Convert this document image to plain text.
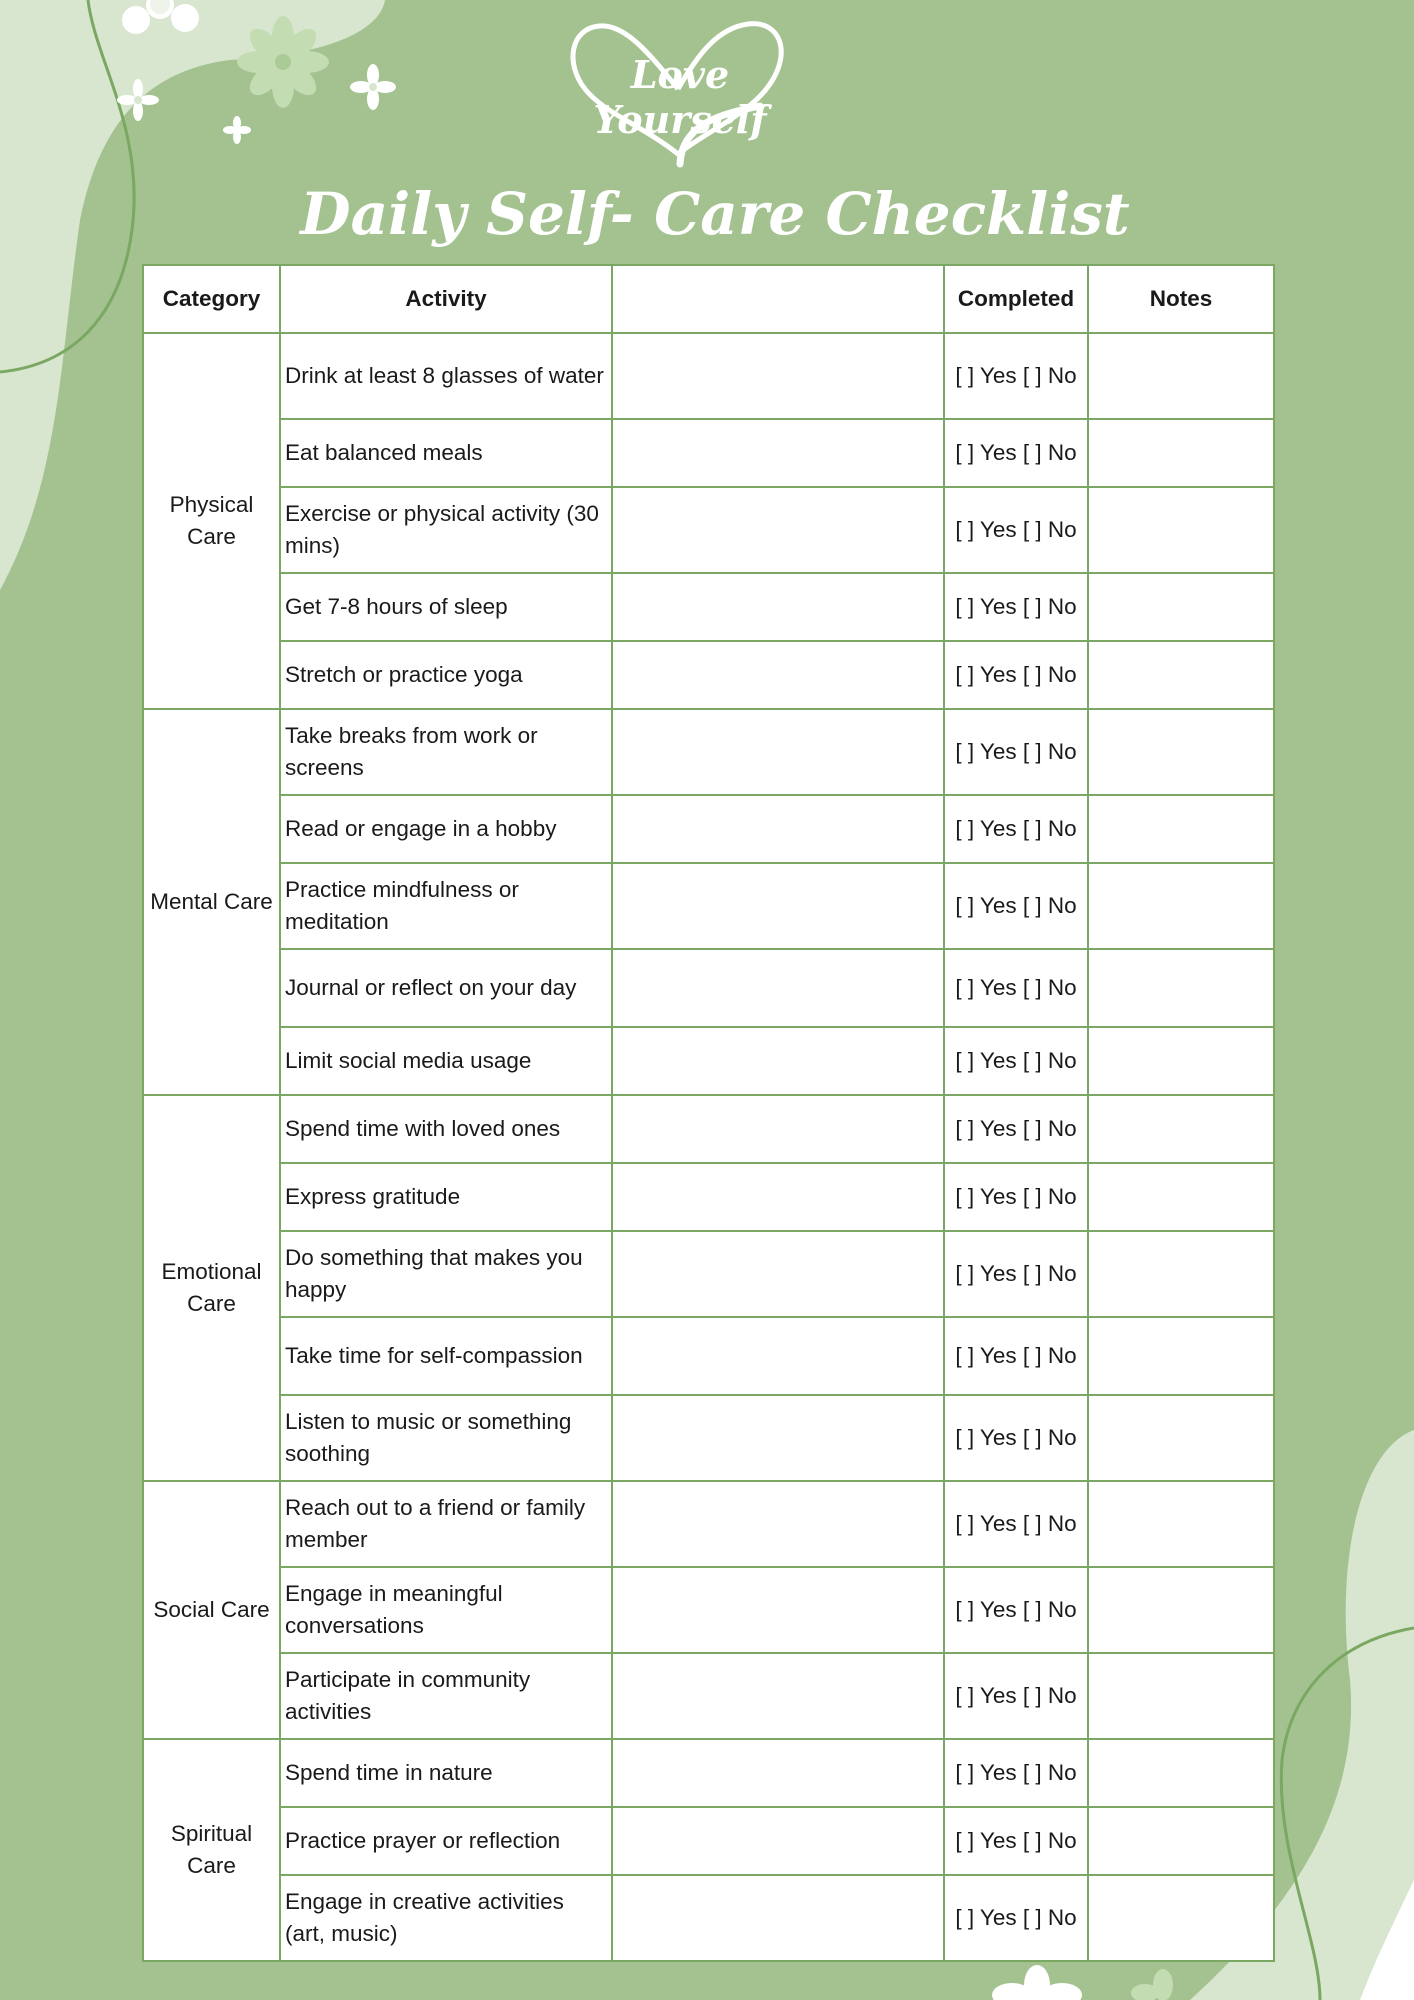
Love Yourself
Daily Self- Care Checklist
Category	Activity		Completed	Notes
Physical Care	Drink at least 8 glasses of water		[ ] Yes [ ] No	
	Eat balanced meals		[ ] Yes [ ] No	
	Exercise or physical activity (30 mins)		[ ] Yes [ ] No	
	Get 7-8 hours of sleep		[ ] Yes [ ] No	
	Stretch or practice yoga		[ ] Yes [ ] No	
Mental Care	Take breaks from work or screens		[ ] Yes [ ] No	
	Read or engage in a hobby		[ ] Yes [ ] No	
	Practice mindfulness or meditation		[ ] Yes [ ] No	
	Journal or reflect on your day		[ ] Yes [ ] No	
	Limit social media usage		[ ] Yes [ ] No	
Emotional Care	Spend time with loved ones		[ ] Yes [ ] No	
	Express gratitude		[ ] Yes [ ] No	
	Do something that makes you happy		[ ] Yes [ ] No	
	Take time for self-compassion		[ ] Yes [ ] No	
	Listen to music or something soothing		[ ] Yes [ ] No	
Social Care	Reach out to a friend or family member		[ ] Yes [ ] No	
	Engage in meaningful conversations		[ ] Yes [ ] No	
	Participate in community activities		[ ] Yes [ ] No	
Spiritual Care	Spend time in nature		[ ] Yes [ ] No	
	Practice prayer or reflection		[ ] Yes [ ] No	
	Engage in creative activities (art, music)		[ ] Yes [ ] No	
